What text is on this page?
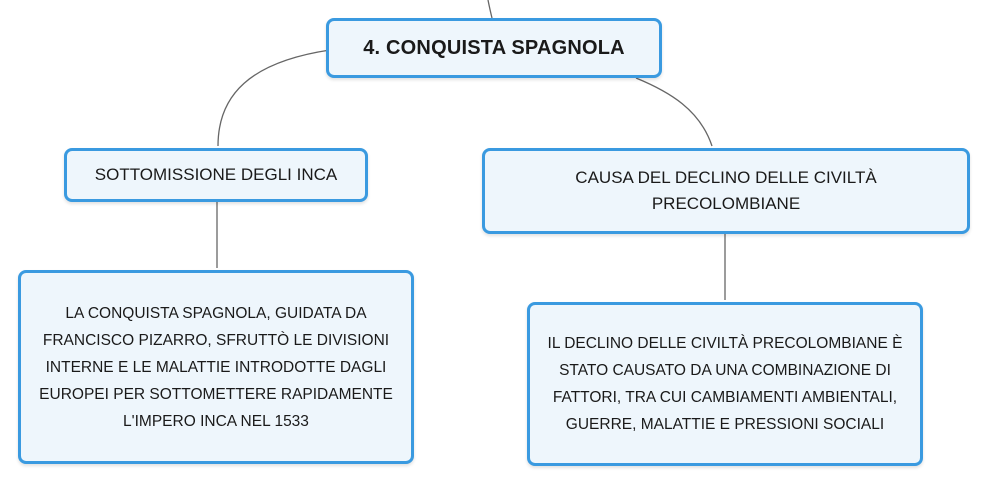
4. CONQUISTA SPAGNOLA
SOTTOMISSIONE DEGLI INCA	CAUSA DEL DECLINO DELLE CIVILTÀ PRECOLOMBIANE
LA CONQUISTA SPAGNOLA, GUIDATA DA FRANCISCO PIZARRO, SFRUTTÒ LE DIVISIONI INTERNE E LE MALATTIE INTRODOTTE DAGLI EUROPEI PER SOTTOMETTERE RAPIDAMENTE L'IMPERO INCA NEL 1533
IL DECLINO DELLE CIVILTÀ PRECOLOMBIANE È STATO CAUSATO DA UNA COMBINAZIONE DI FATTORI, TRA CUI CAMBIAMENTI AMBIENTALI, GUERRE, MALATTIE E PRESSIONI SOCIALI
